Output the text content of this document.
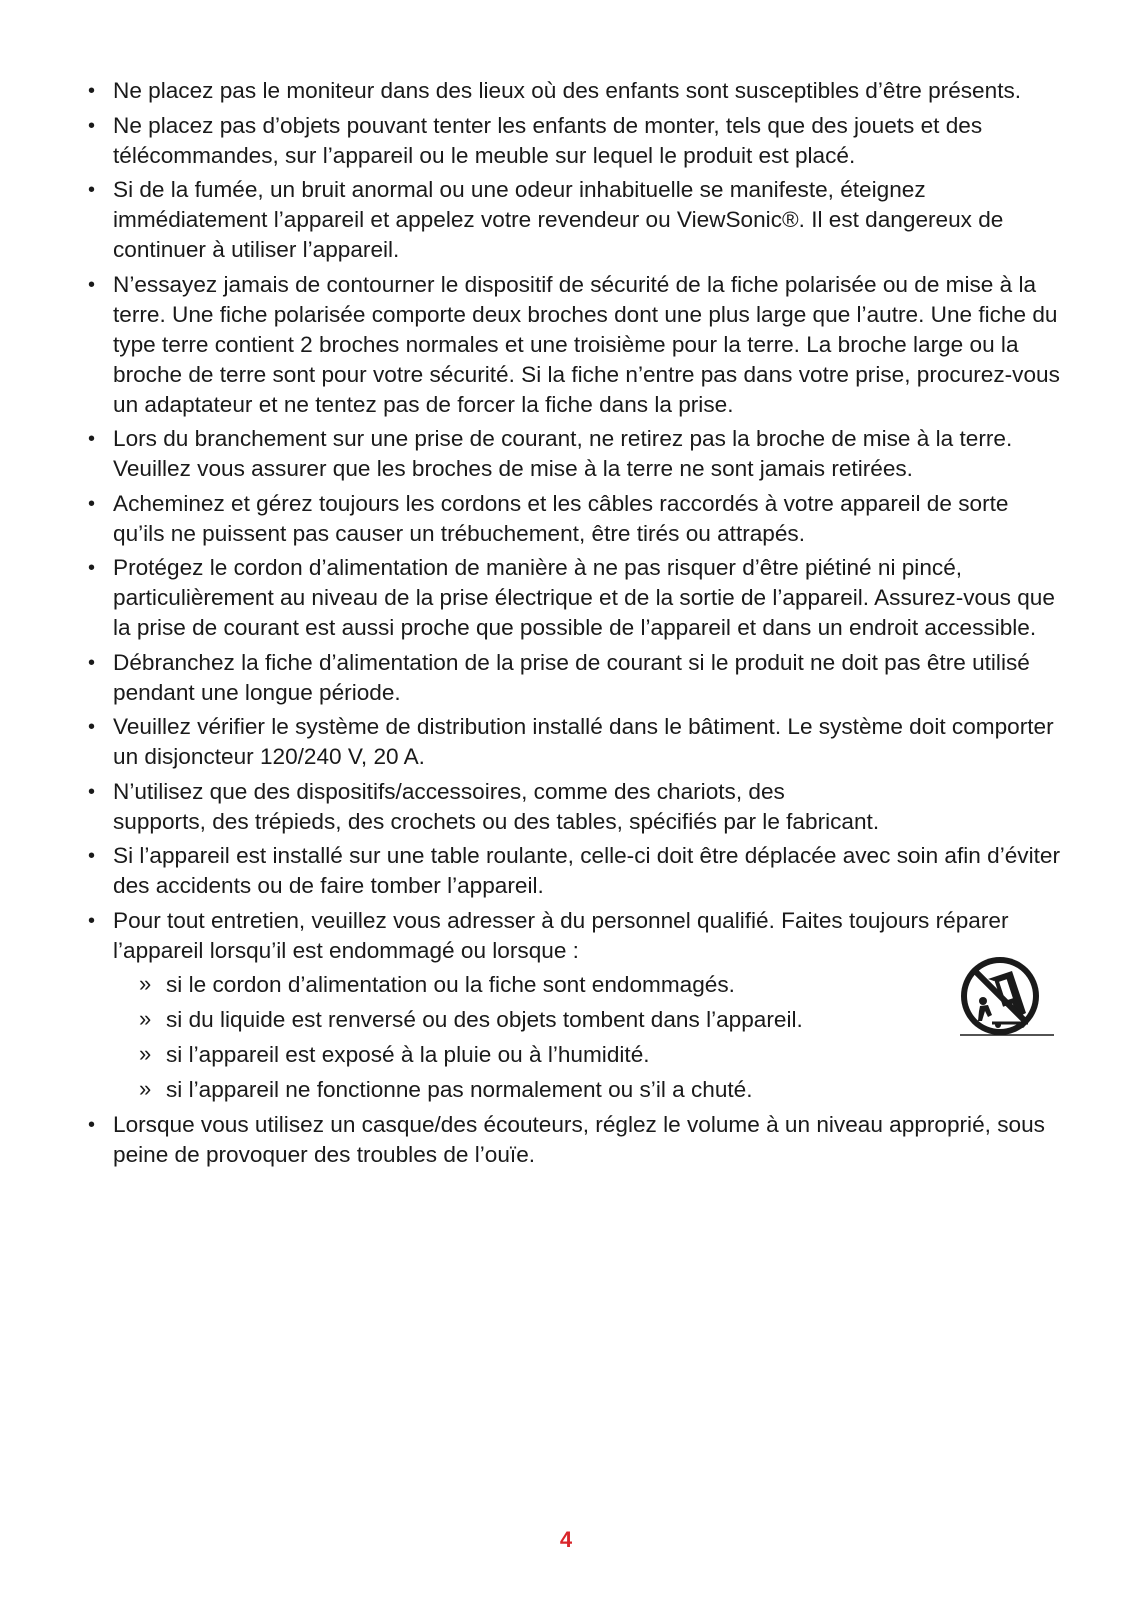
• Ne placez pas le moniteur dans des lieux où des enfants sont susceptibles d’être présents.
• Ne placez pas d’objets pouvant tenter les enfants de monter, tels que des jouets et des télécommandes, sur l’appareil ou le meuble sur lequel le produit est placé.
• Si de la fumée, un bruit anormal ou une odeur inhabituelle se manifeste, éteignez immédiatement l’appareil et appelez votre revendeur ou ViewSonic®. Il est dangereux de continuer à utiliser l’appareil.
• N’essayez jamais de contourner le dispositif de sécurité de la fiche polarisée ou de mise à la terre. Une fiche polarisée comporte deux broches dont une plus large que l’autre. Une fiche du type terre contient 2 broches normales et une troisième pour la terre. La broche large ou la broche de terre sont pour votre sécurité. Si la fiche n’entre pas dans votre prise, procurez-vous un adaptateur et ne tentez pas de forcer la fiche dans la prise.
• Lors du branchement sur une prise de courant, ne retirez pas la broche de mise à la terre. Veuillez vous assurer que les broches de mise à la terre ne sont jamais retirées.
• Acheminez et gérez toujours les cordons et les câbles raccordés à votre appareil de sorte qu’ils ne puissent pas causer un trébuchement, être tirés ou attrapés.
• Protégez le cordon d’alimentation de manière à ne pas risquer d’être piétiné ni pincé, particulièrement au niveau de la prise électrique et de la sortie de l’appareil. Assurez-vous que la prise de courant est aussi proche que possible de l’appareil et dans un endroit accessible.
• Débranchez la fiche d’alimentation de la prise de courant si le produit ne doit pas être utilisé pendant une longue période.
• Veuillez vérifier le système de distribution installé dans le bâtiment. Le système doit comporter un disjoncteur 120/240 V, 20 A.
• N’utilisez que des dispositifs/accessoires, comme des chariots, des supports, des trépieds, des crochets ou des tables, spécifiés par le fabricant.
• Si l’appareil est installé sur une table roulante, celle-ci doit être déplacée avec soin afin d’éviter des accidents ou de faire tomber l’appareil.
• Pour tout entretien, veuillez vous adresser à du personnel qualifié. Faites toujours réparer l’appareil lorsqu’il est endommagé ou lorsque :
» si le cordon d’alimentation ou la fiche sont endommagés.
» si du liquide est renversé ou des objets tombent dans l’appareil.
» si l’appareil est exposé à la pluie ou à l’humidité.
» si l’appareil ne fonctionne pas normalement ou s’il a chuté.
• Lorsque vous utilisez un casque/des écouteurs, réglez le volume à un niveau approprié, sous peine de provoquer des troubles de l’ouïe.
4
